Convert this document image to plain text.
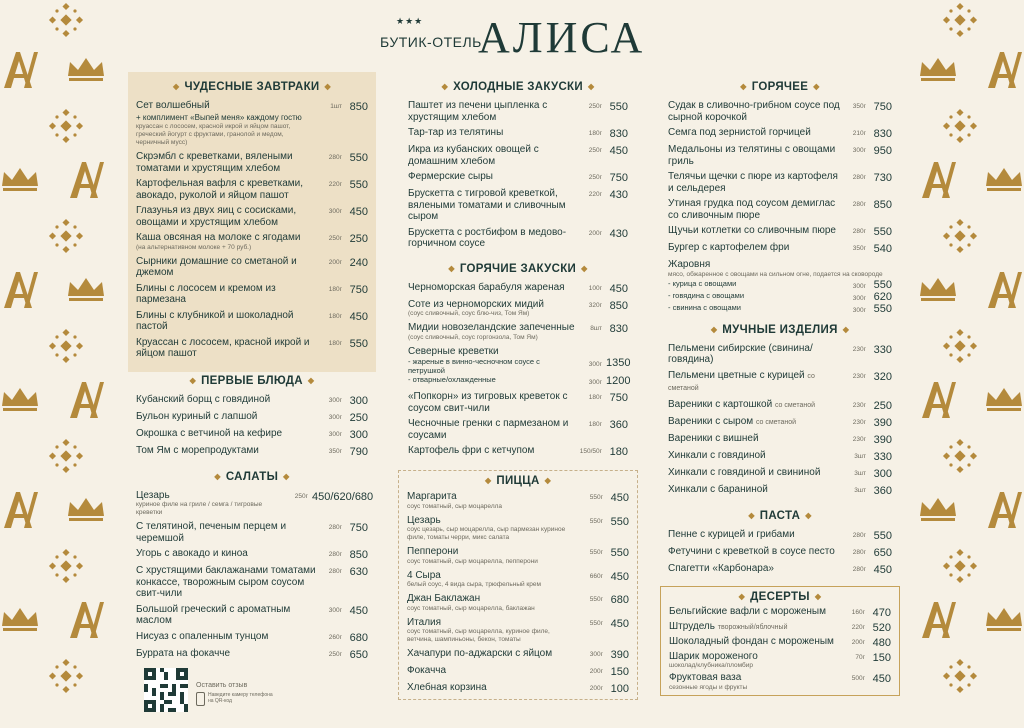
★★★
БУТИК-ОТЕЛЬ
АЛИСА
◆ ЧУДЕСНЫЕ ЗАВТРАКИ ◆
Сет волшебный
+ комплимент «Выпей меня» каждому гостю
круассан с лососем, красной икрой и яйцом пашот, греческий йогурт с фруктами, гранолой и медом, черничный мусс)
1шт 850
Скрэмбл с креветками, вялеными томатами и хрустящим хлебом
280г 550
Картофельная вафля с креветками, авокадо, руколой и яйцом пашот
220г 550
Глазунья из двух яиц с сосисками, овощами и хрустящим хлебом
300г 450
Каша овсяная на молоке с ягодами
(на альтернативном молоке + 70 руб.)
250г 250
Сырники домашние со сметаной и джемом
200г 240
Блины с лососем и кремом из пармезана
180г 750
Блины с клубникой и шоколадной пастой
180г 450
Круассан с лососем, красной икрой и яйцом пашот
180г 550
◆ ПЕРВЫЕ БЛЮДА ◆
Кубанский борщ с говядиной	300г 300
Бульон куриный с лапшой	300г 250
Окрошка с ветчиной на кефире	300г 300
Том Ям с морепродуктами	350г 790
◆ САЛАТЫ ◆
Цезарь
куриное филе на гриле / семга / тигровые креветки
250г 450/620/680
С телятиной, печеным перцем и черемшой
280г 750
Угорь с авокадо и киноа	280г 850
С хрустящими баклажанами томатами конкассе, творожным сыром соусом свит-чили
280г 630
Большой греческий с ароматным маслом
300г 450
Нисуаз с опаленным тунцом	260г 680
Буррата на фокачче	250г 650
Оставить отзыв
Наведите камеру телефона на QR-код
◆ ХОЛОДНЫЕ ЗАКУСКИ ◆
Паштет из печени цыпленка с хрустящим хлебом
250г 550
Тар-тар из телятины	180г 830
Икра из кубанских овощей с домашним хлебом
250г 450
Фермерские сыры	250г 750
Брускетта с тигровой креветкой, вялеными томатами и сливочным сыром
220г 430
Брускетта с ростбифом в медово-горчичном соусе
200г 430
◆ ГОРЯЧИЕ ЗАКУСКИ ◆
Черноморская барабуля жареная	100г 450
Соте из черноморских мидий
(соус сливочный, соус блю-чиз, Том Ям)
320г 850
Мидии новозеландские запеченные
(соус сливочный, соус горгонзола, Том Ям)
8шт 830
Северные креветки
- жареные в винно-чесночном соусе с петрушкой
300г 1350
- отварные/охлажденные	300г 1200
«Попкорн» из тигровых креветок с соусом свит-чили
180г 750
Чесночные гренки с пармезаном и соусами
180г 360
Картофель фри с кетчупом	150/50г 180
◆ ПИЦЦА ◆
Маргарита
соус томатный, сыр моцарелла
550г 450
Цезарь
соус цезарь, сыр моцарелла, сыр пармезан куриное филе, томаты черри, микс салата
550г 550
Пепперони
соус томатный, сыр моцарелла, пепперони
550г 550
4 Сыра
белый соус, 4 вида сыра, трюфельный крем
660г 450
Джан Баклажан
соус томатный, сыр моцарелла, баклажан
550г 680
Италия
соус томатный, сыр моцарелла, куриное филе, ветчина, шампиньоны, бекон, томаты
550г 450
Хачапури по-аджарски с яйцом	300г 390
Фокачча	200г 150
Хлебная корзина	200г 100
◆ ГОРЯЧЕЕ ◆
Судак в сливочно-грибном соусе под сырной корочкой
350г 750
Семга под зернистой горчицей	210г 830
Медальоны из телятины с овощами гриль
300г 950
Телячьи щечки с пюре из картофеля и сельдерея
280г 730
Утиная грудка под соусом демиглас со сливочным пюре
280г 850
Щучьи котлетки со сливочным пюре	280г 550
Бургер с картофелем фри	350г 540
Жаровня
мясо, обжаренное с овощами на сильном огне, подается на сковороде
- курица с овощами	300г 550
- говядина с овощами	300г 620
- свинина с овощами	300г 550
◆ МУЧНЫЕ ИЗДЕЛИЯ ◆
Пельмени сибирские (свинина/говядина)
230г 330
Пельмени цветные с курицей со сметаной
230г 320
Вареники с картошкой со сметаной	230г 250
Вареники с сыром со сметаной	230г 390
Вареники с вишней	230г 390
Хинкали с говядиной	3шт 330
Хинкали с говядиной и свининой	3шт 300
Хинкали с бараниной	3шт 360
◆ ПАСТА ◆
Пенне с курицей и грибами	280г 550
Фетучини с креветкой в соусе песто	280г 650
Спагетти «Карбонара»	280г 450
◆ ДЕСЕРТЫ ◆
Бельгийские вафли с мороженым	160г 470
Штрудель творожный/яблочный	220г 520
Шоколадный фондан с мороженым	200г 480
Шарик мороженого
шоколад/клубника/пломбир
70г 150
Фруктовая ваза
сезонные ягоды и фрукты
500г 450
